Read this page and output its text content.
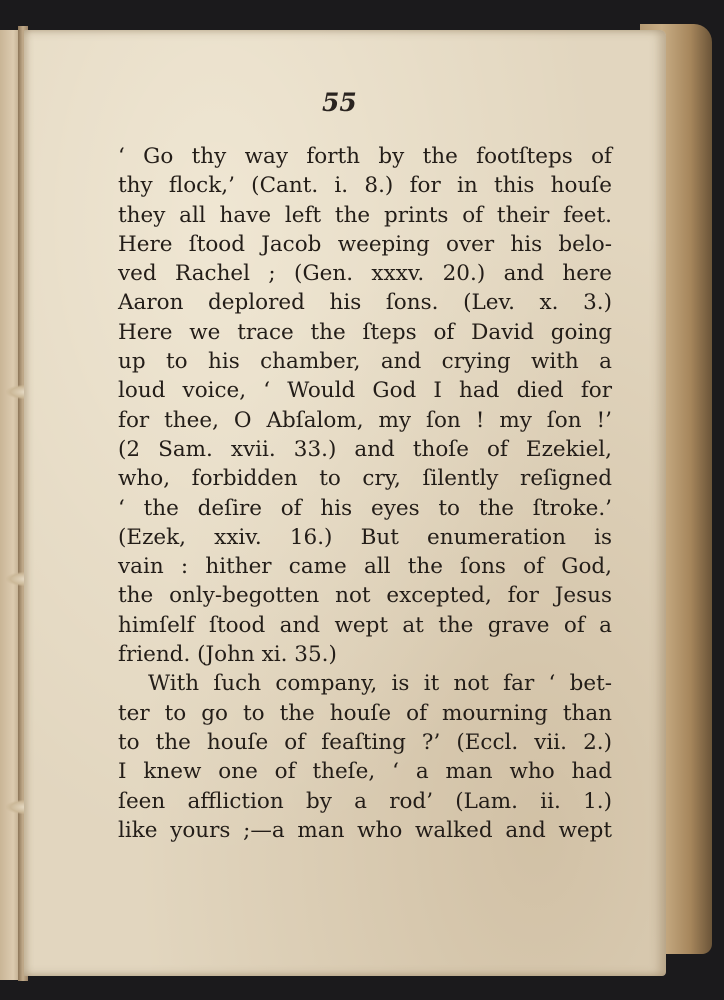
55
‘ Go thy way forth by the footſteps of
thy flock,’ (Cant. i. 8.) for in this houſe
they all have left the prints of their feet.
Here ſtood Jacob weeping over his belo-
ved Rachel ; (Gen. xxxv. 20.) and here
Aaron deplored his ſons. (Lev. x. 3.)
Here we trace the ſteps of David going
up to his chamber, and crying with a
loud voice, ‘ Would God I had died for
for thee, O Abſalom, my ſon ! my ſon !’
(2 Sam. xvii. 33.) and thoſe of Ezekiel,
who, forbidden to cry, ſilently reſigned
‘ the deſire of his eyes to the ſtroke.’
(Ezek, xxiv. 16.) But enumeration is
vain : hither came all the ſons of God,
the only-begotten not excepted, for Jesus
himſelf ſtood and wept at the grave of a
friend. (John xi. 35.)
With ſuch company, is it not far ‘ bet-
ter to go to the houſe of mourning than
to the houſe of feaſting ?’ (Eccl. vii. 2.)
I knew one of theſe, ‘ a man who had
ſeen affliction by a rod’ (Lam. ii. 1.)
like yours ;—a man who walked and wept
